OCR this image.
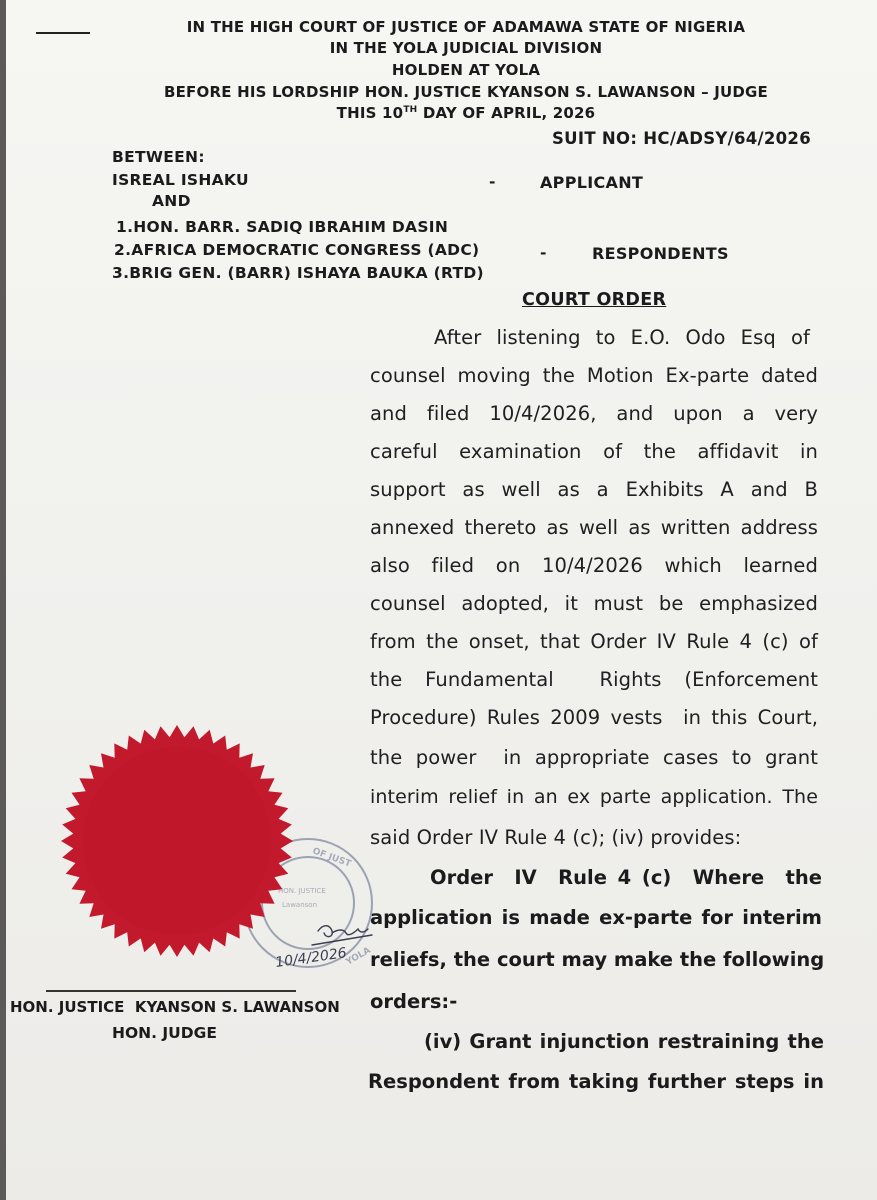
IN THE HIGH COURT OF JUSTICE OF ADAMAWA STATE OF NIGERIA
IN THE YOLA JUDICIAL DIVISION
HOLDEN AT YOLA
BEFORE HIS LORDSHIP HON. JUSTICE KYANSON S. LAWANSON – JUDGE
THIS 10TH DAY OF APRIL, 2026
SUIT NO: HC/ADSY/64/2026
BETWEEN:
ISREAL ISHAKU	-	APPLICANT
AND
1.HON. BARR. SADIQ IBRAHIM DASIN
2.AFRICA DEMOCRATIC CONGRESS (ADC)	-	RESPONDENTS
3.BRIG GEN. (BARR) ISHAYA BAUKA (RTD)
COURT ORDER
After listening to E.O. Odo Esq of
counsel moving the Motion Ex-parte dated
and filed 10/4/2026, and upon a very
careful examination of the affidavit in
support as well as a Exhibits A and B
annexed thereto as well as written address
also filed on 10/4/2026 which learned
counsel adopted, it must be emphasized
from the onset, that Order IV Rule 4 (c) of
the Fundamental  Rights (Enforcement
Procedure) Rules 2009 vests  in this Court,
the power  in appropriate cases to grant
interim relief in an ex parte application. The
said Order IV Rule 4 (c); (iv) provides:
Order  IV  Rule 4 (c)  Where  the
application is made ex-parte for interim
reliefs, the court may make the following
orders:-
(iv) Grant injunction restraining the
Respondent from taking further steps in
OF JUST
YOLA
HON. JUSTICE
Lawanson
10/4/2026
HON. JUSTICE  KYANSON S. LAWANSON
HON. JUDGE
